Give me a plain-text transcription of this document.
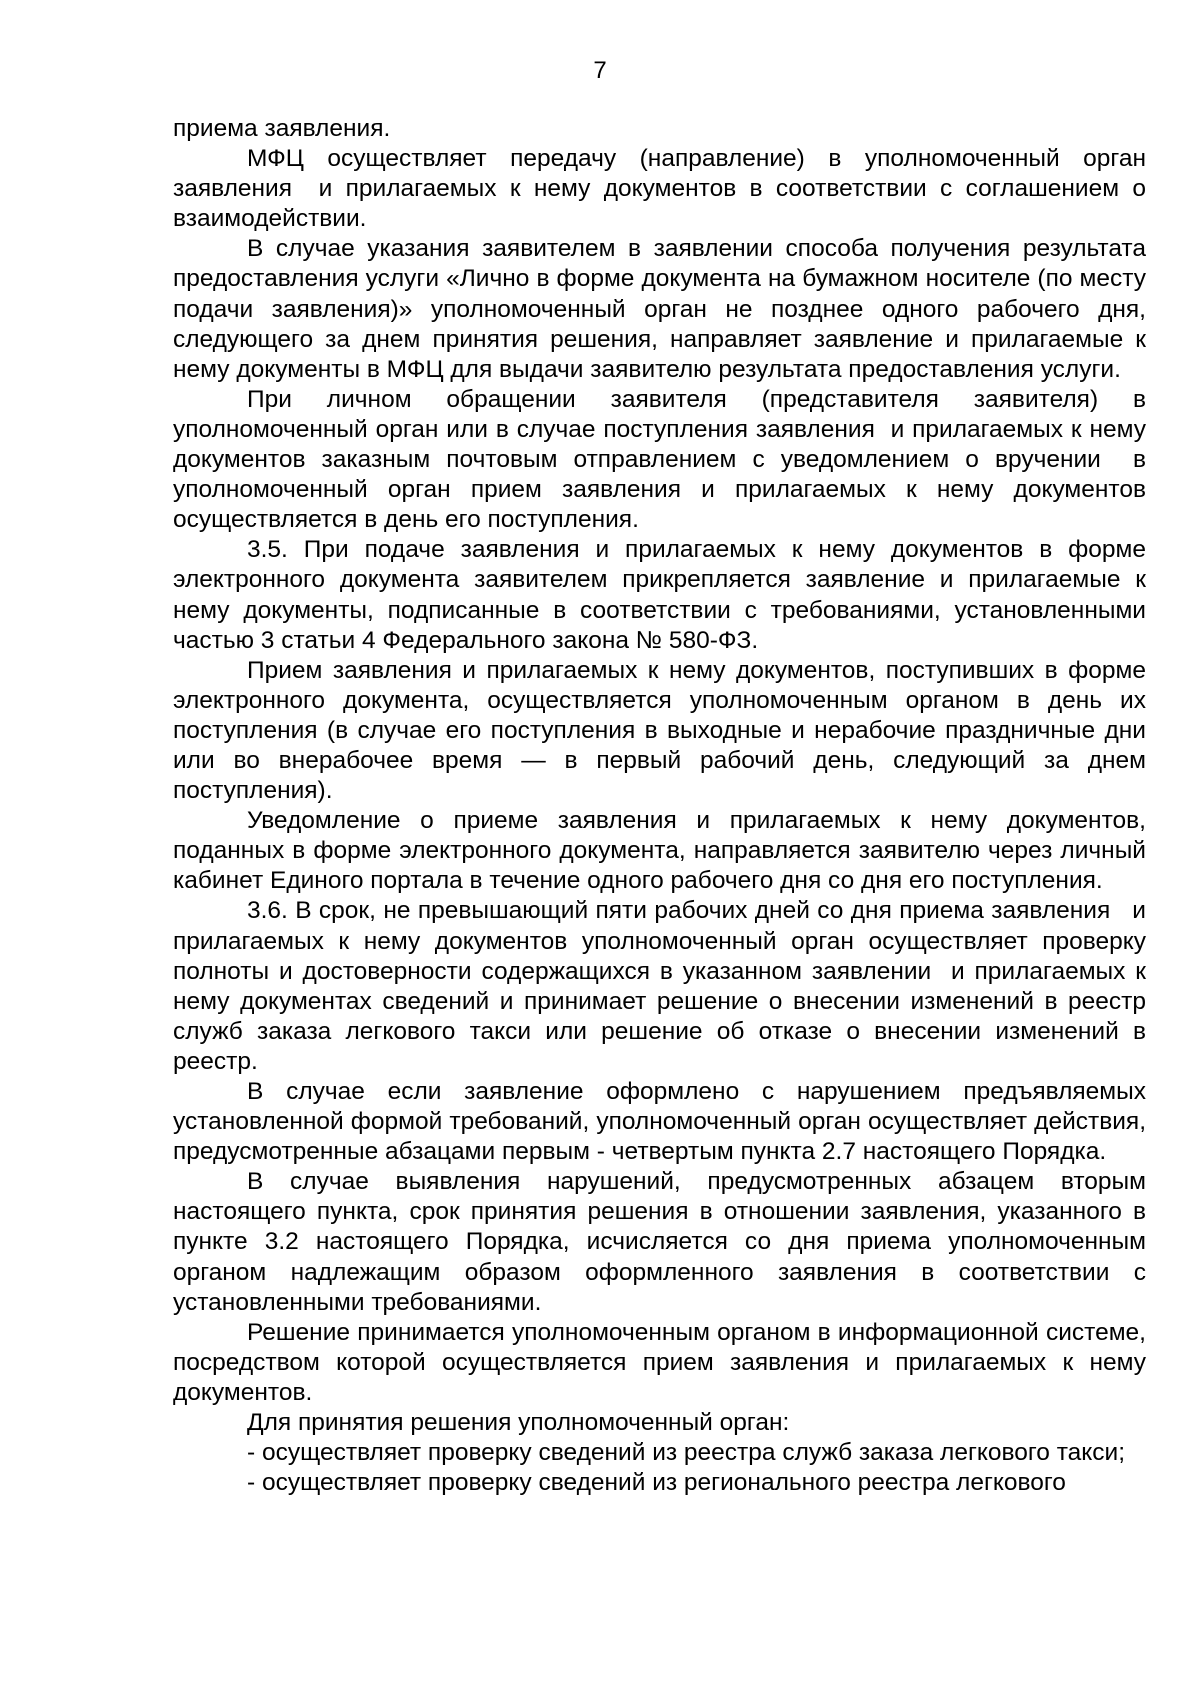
7

приема заявления.

МФЦ осуществляет передачу (направление) в уполномоченный орган заявления  и прилагаемых к нему документов в соответствии с соглашением о взаимодействии.

В случае указания заявителем в заявлении способа получения результата предоставления услуги «Лично в форме документа на бумажном носителе (по месту подачи заявления)» уполномоченный орган не позднее одного рабочего дня, следующего за днем принятия решения, направляет заявление и прилагаемые к нему документы в МФЦ для выдачи заявителю результата предоставления услуги.

При личном обращении заявителя (представителя заявителя) в уполномоченный орган или в случае поступления заявления  и прилагаемых к нему документов заказным почтовым отправлением с уведомлением о вручении  в уполномоченный орган прием заявления и прилагаемых к нему документов осуществляется в день его поступления.

3.5. При подаче заявления и прилагаемых к нему документов в форме электронного документа заявителем прикрепляется заявление и прилагаемые к нему документы, подписанные в соответствии с требованиями, установленными частью 3 статьи 4 Федерального закона № 580-ФЗ.

Прием заявления и прилагаемых к нему документов, поступивших в форме электронного документа, осуществляется уполномоченным органом в день их поступления (в случае его поступления в выходные и нерабочие праздничные дни или во внерабочее время — в первый рабочий день, следующий за днем поступления).

Уведомление о приеме заявления и прилагаемых к нему документов, поданных в форме электронного документа, направляется заявителю через личный кабинет Единого портала в течение одного рабочего дня со дня его поступления.

3.6. В срок, не превышающий пяти рабочих дней со дня приема заявления   и прилагаемых к нему документов уполномоченный орган осуществляет проверку полноты и достоверности содержащихся в указанном заявлении  и прилагаемых к нему документах сведений и принимает решение о внесении изменений в реестр служб заказа легкового такси или решение об отказе о внесении изменений в реестр.

В случае если заявление оформлено с нарушением предъявляемых установленной формой требований, уполномоченный орган осуществляет действия, предусмотренные абзацами первым - четвертым пункта 2.7 настоящего Порядка.

В случае выявления нарушений, предусмотренных абзацем вторым настоящего пункта, срок принятия решения в отношении заявления, указанного в пункте 3.2 настоящего Порядка, исчисляется со дня приема уполномоченным органом надлежащим образом оформленного заявления в соответствии с установленными требованиями.

Решение принимается уполномоченным органом в информационной системе, посредством которой осуществляется прием заявления и прилагаемых к нему документов.

Для принятия решения уполномоченный орган:

- осуществляет проверку сведений из реестра служб заказа легкового такси;

- осуществляет проверку сведений из регионального реестра легкового
